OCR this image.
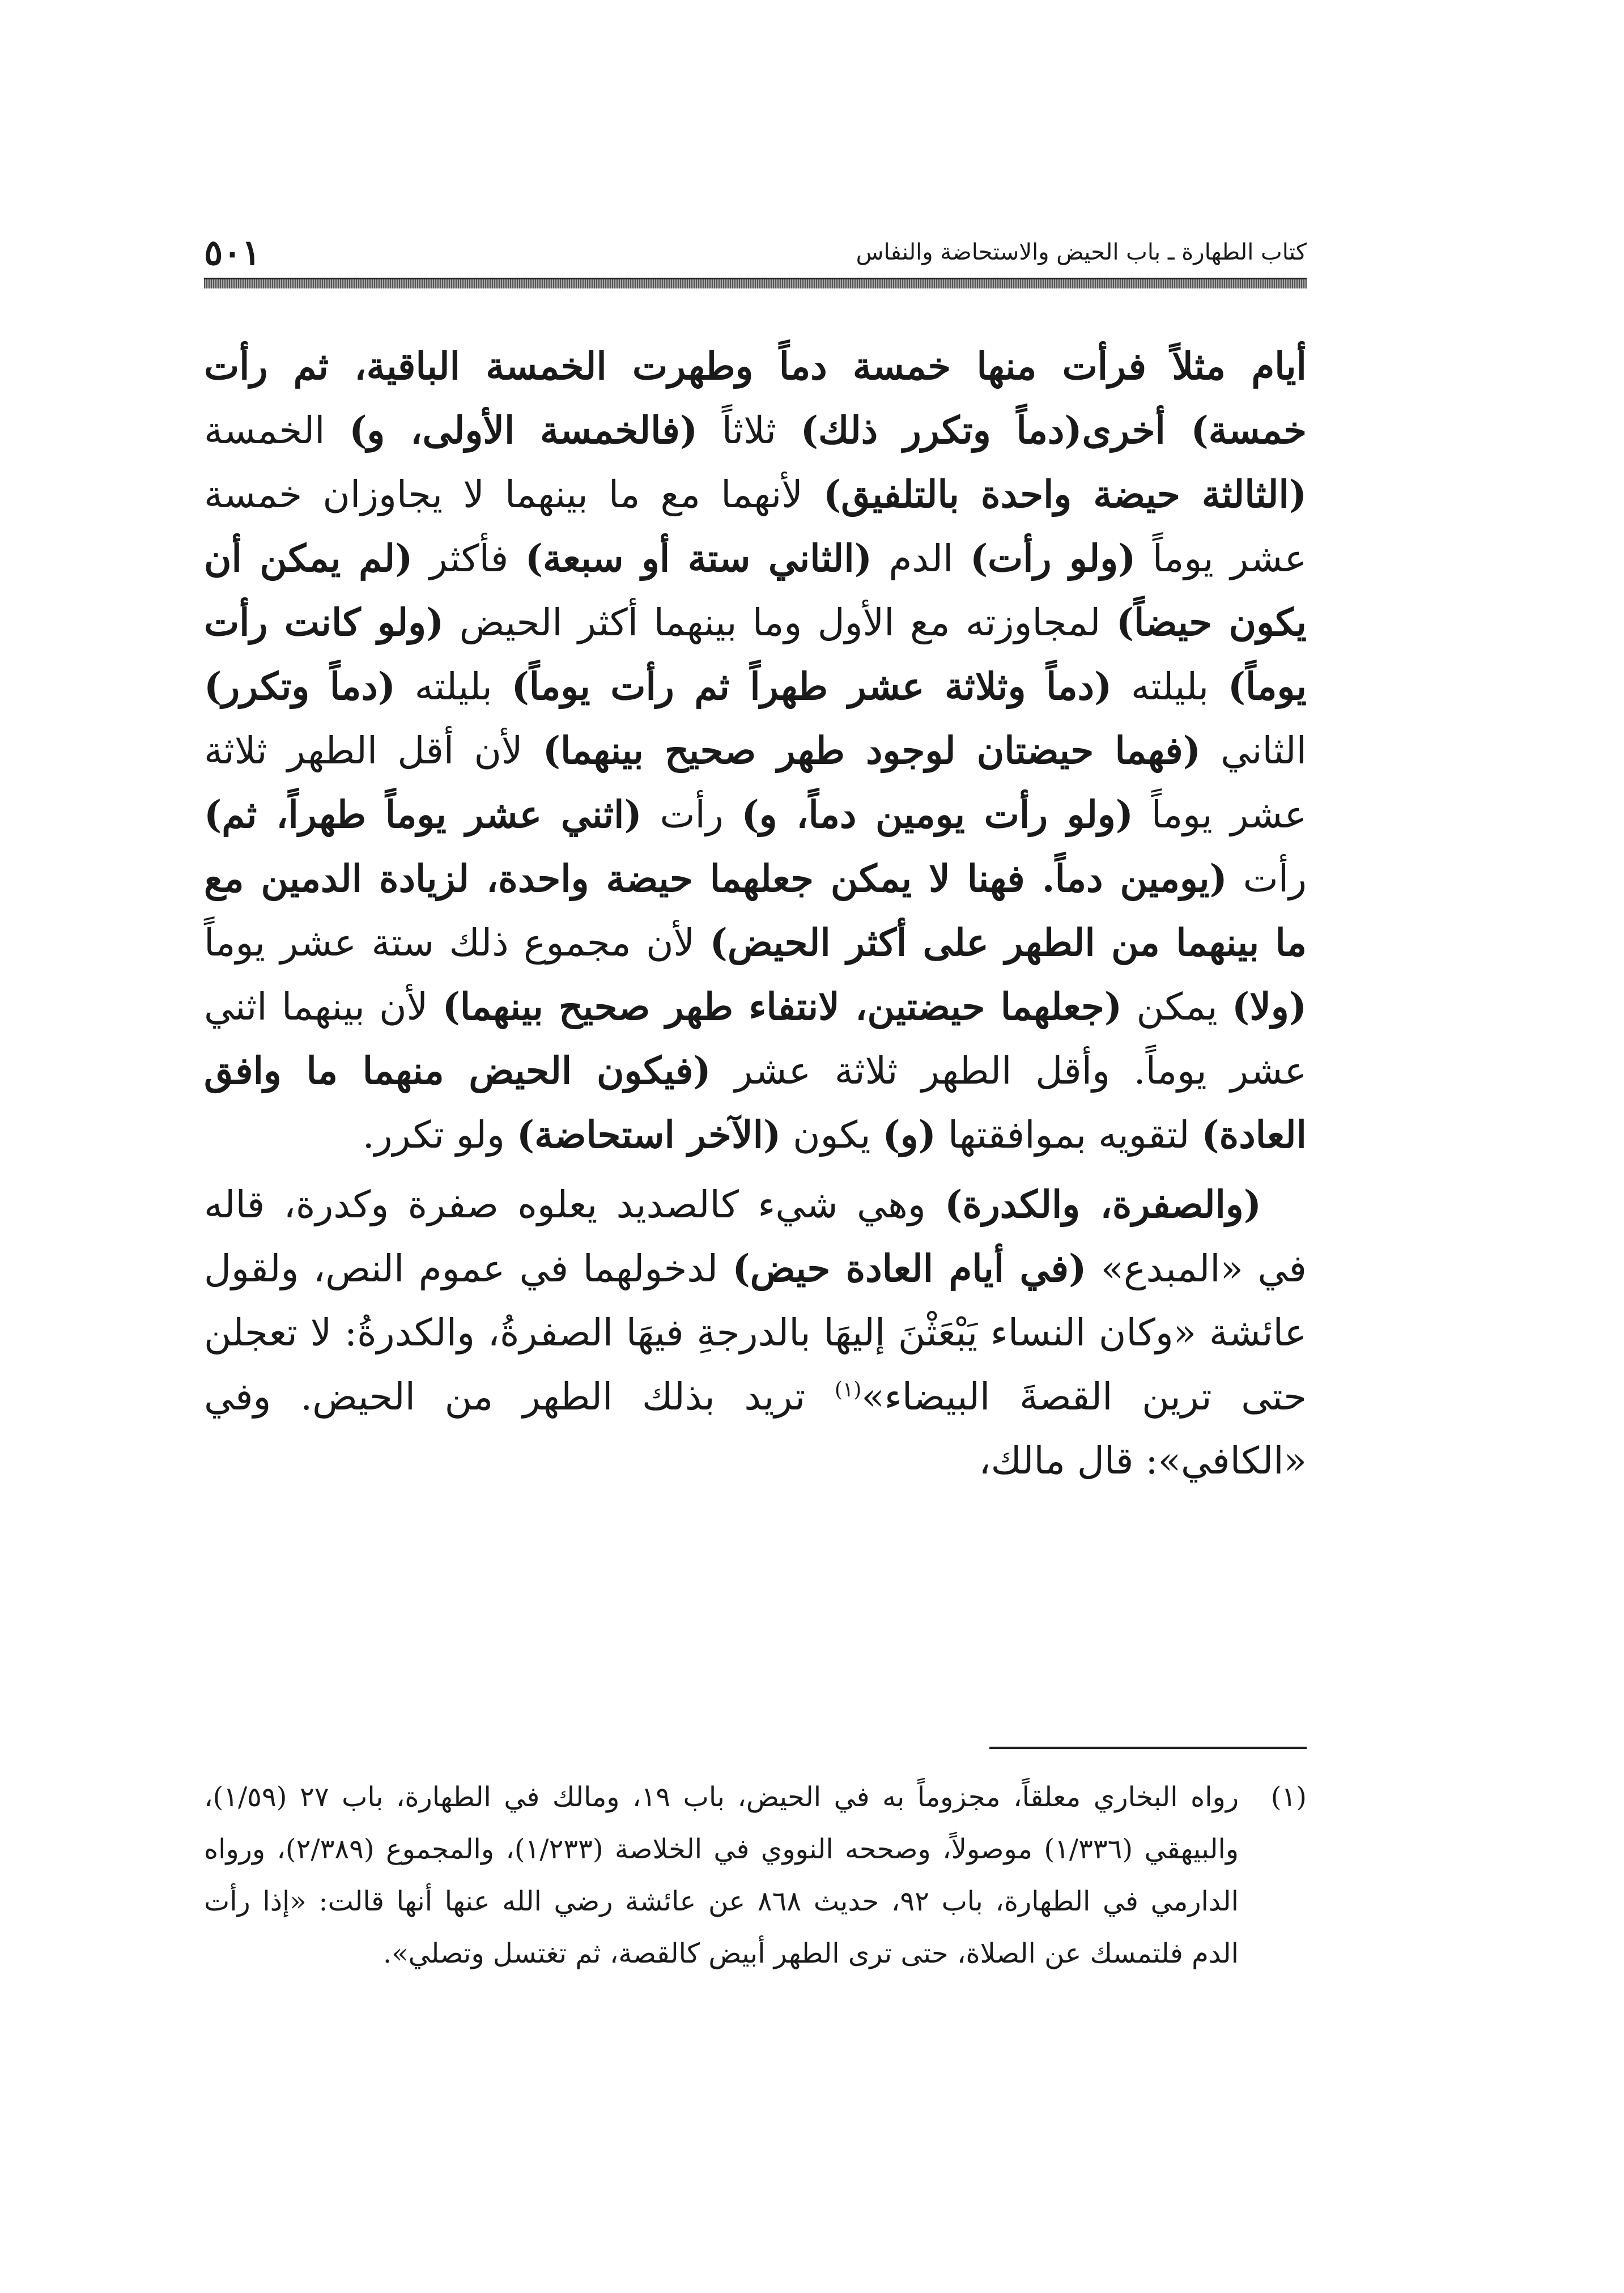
كتاب الطهارة ـ باب الحيض والاستحاضة والنفاس
٥٠١

أيام مثلاً فرأت منها خمسة دماً وطهرت الخمسة الباقية، ثم رأت خمسة) أخرى(دماً وتكرر ذلك) ثلاثاً (فالخمسة الأولى، و) الخمسة (الثالثة حيضة واحدة بالتلفيق) لأنهما مع ما بينهما لا يجاوزان خمسة عشر يوماً (ولو رأت) الدم (الثاني ستة أو سبعة) فأكثر (لم يمكن أن يكون حيضاً) لمجاوزته مع الأول وما بينهما أكثر الحيض (ولو كانت رأت يوماً) بليلته (دماً وثلاثة عشر طهراً ثم رأت يوماً) بليلته (دماً وتكرر) الثاني (فهما حيضتان لوجود طهر صحيح بينهما) لأن أقل الطهر ثلاثة عشر يوماً (ولو رأت يومين دماً، و) رأت (اثني عشر يوماً طهراً، ثم) رأت (يومين دماً. فهنا لا يمكن جعلهما حيضة واحدة، لزيادة الدمين مع ما بينهما من الطهر على أكثر الحيض) لأن مجموع ذلك ستة عشر يوماً (ولا) يمكن (جعلهما حيضتين، لانتفاء طهر صحيح بينهما) لأن بينهما اثني عشر يوماً. وأقل الطهر ثلاثة عشر (فيكون الحيض منهما ما وافق العادة) لتقويه بموافقتها (و) يكون (الآخر استحاضة) ولو تكرر.

(والصفرة، والكدرة) وهي شيء كالصديد يعلوه صفرة وكدرة، قاله في «المبدع» (في أيام العادة حيض) لدخولهما في عموم النص، ولقول عائشة «وكان النساء يَبْعَثْنَ إليهَا بالدرجةِ فيهَا الصفرةُ، والكدرةُ: لا تعجلن حتى ترين القصةَ البيضاء»$^{(١)}$ تريد بذلك الطهر من الحيض. وفي «الكافي»: قال مالك،

(١)
رواه البخاري معلقاً، مجزوماً به في الحيض، باب ١٩، ومالك في الطهارة، باب ٢٧ (١/٥٩)، والبيهقي (١/٣٣٦) موصولاً، وصححه النووي في الخلاصة (١/٢٣٣)، والمجموع (٢/٣٨٩)، ورواه الدارمي في الطهارة، باب ٩٢، حديث ٨٦٨ عن عائشة رضي الله عنها أنها قالت: «إذا رأت الدم فلتمسك عن الصلاة، حتى ترى الطهر أبيض كالقصة، ثم تغتسل وتصلي».
